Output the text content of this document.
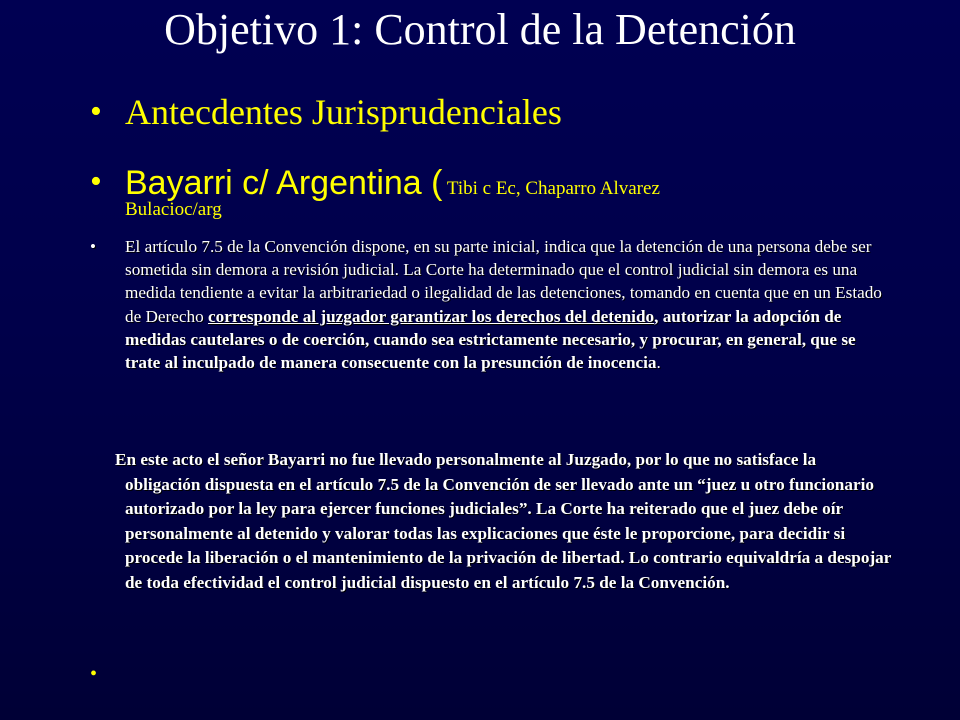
Objetivo 1: Control de la Detención
• Antecdentes Jurisprudenciales
• Bayarri c/ Argentina ( Tibi c Ec, Chaparro Alvarez
Bulacioc/arg
•	El artículo 7.5 de la Convención dispone, en su parte inicial, indica que la detención de una persona debe ser sometida sin demora a revisión judicial. La Corte ha determinado que el control judicial sin demora es una medida tendiente a evitar la arbitrariedad o ilegalidad de las detenciones, tomando en cuenta que en un Estado de Derecho corresponde al juzgador garantizar los derechos del detenido, autorizar la adopción de medidas cautelares o de coerción, cuando sea estrictamente necesario, y procurar, en general, que se trate al inculpado de manera consecuente con la presunción de inocencia.
En este acto el señor Bayarri no fue llevado personalmente al Juzgado, por lo que no satisface la obligación dispuesta en el artículo 7.5 de la Convención de ser llevado ante un “juez u otro funcionario autorizado por la ley para ejercer funciones judiciales”. La Corte ha reiterado que el juez debe oír personalmente al detenido y valorar todas las explicaciones que éste le proporcione, para decidir si procede la liberación o el mantenimiento de la privación de libertad. Lo contrario equivaldría a despojar de toda efectividad el control judicial dispuesto en el artículo 7.5 de la Convención.
•
